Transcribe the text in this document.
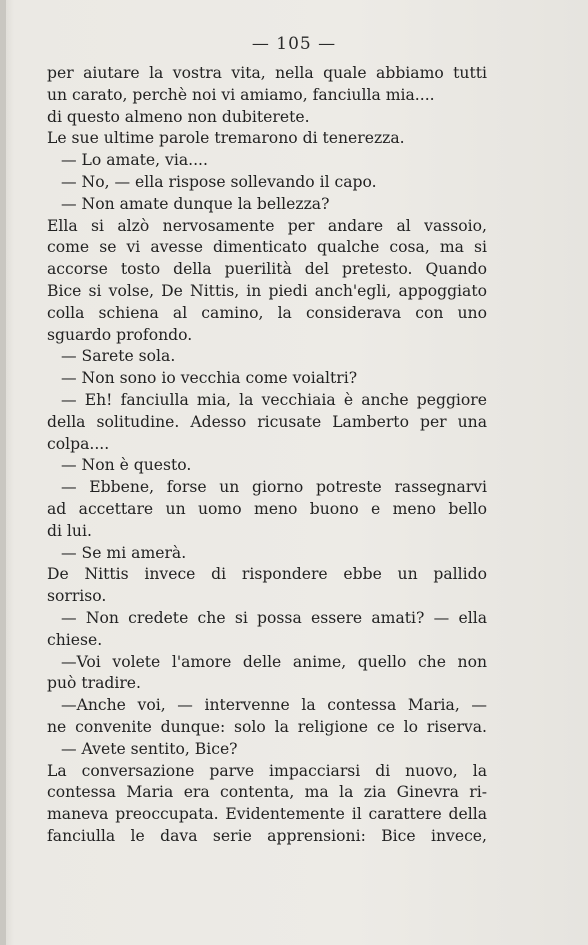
— 105 —
per aiutare la vostra vita, nella quale abbiamo tutti
un carato, perchè noi vi amiamo, fanciulla mia....
di questo almeno non dubiterete.
Le sue ultime parole tremarono di tenerezza.
— Lo amate, via....
— No, — ella rispose sollevando il capo.
— Non amate dunque la bellezza?
Ella si alzò nervosamente per andare al vassoio,
come se vi avesse dimenticato qualche cosa, ma si
accorse tosto della puerilità del pretesto. Quando
Bice si volse, De Nittis, in piedi anch'egli, appoggiato
colla schiena al camino, la considerava con uno
sguardo profondo.
— Sarete sola.
— Non sono io vecchia come voialtri?
— Eh! fanciulla mia, la vecchiaia è anche peggiore
della solitudine. Adesso ricusate Lamberto per una
colpa....
— Non è questo.
— Ebbene, forse un giorno potreste rassegnarvi
ad accettare un uomo meno buono e meno bello
di lui.
— Se mi amerà.
De Nittis invece di rispondere ebbe un pallido
sorriso.
— Non credete che si possa essere amati? — ella
chiese.
—Voi volete l'amore delle anime, quello che non
può tradire.
—Anche voi, — intervenne la contessa Maria, —
ne convenite dunque: solo la religione ce lo riserva.
— Avete sentito, Bice?
La conversazione parve impacciarsi di nuovo, la
contessa Maria era contenta, ma la zia Ginevra ri-
maneva preoccupata. Evidentemente il carattere della
fanciulla le dava serie apprensioni: Bice invece,
